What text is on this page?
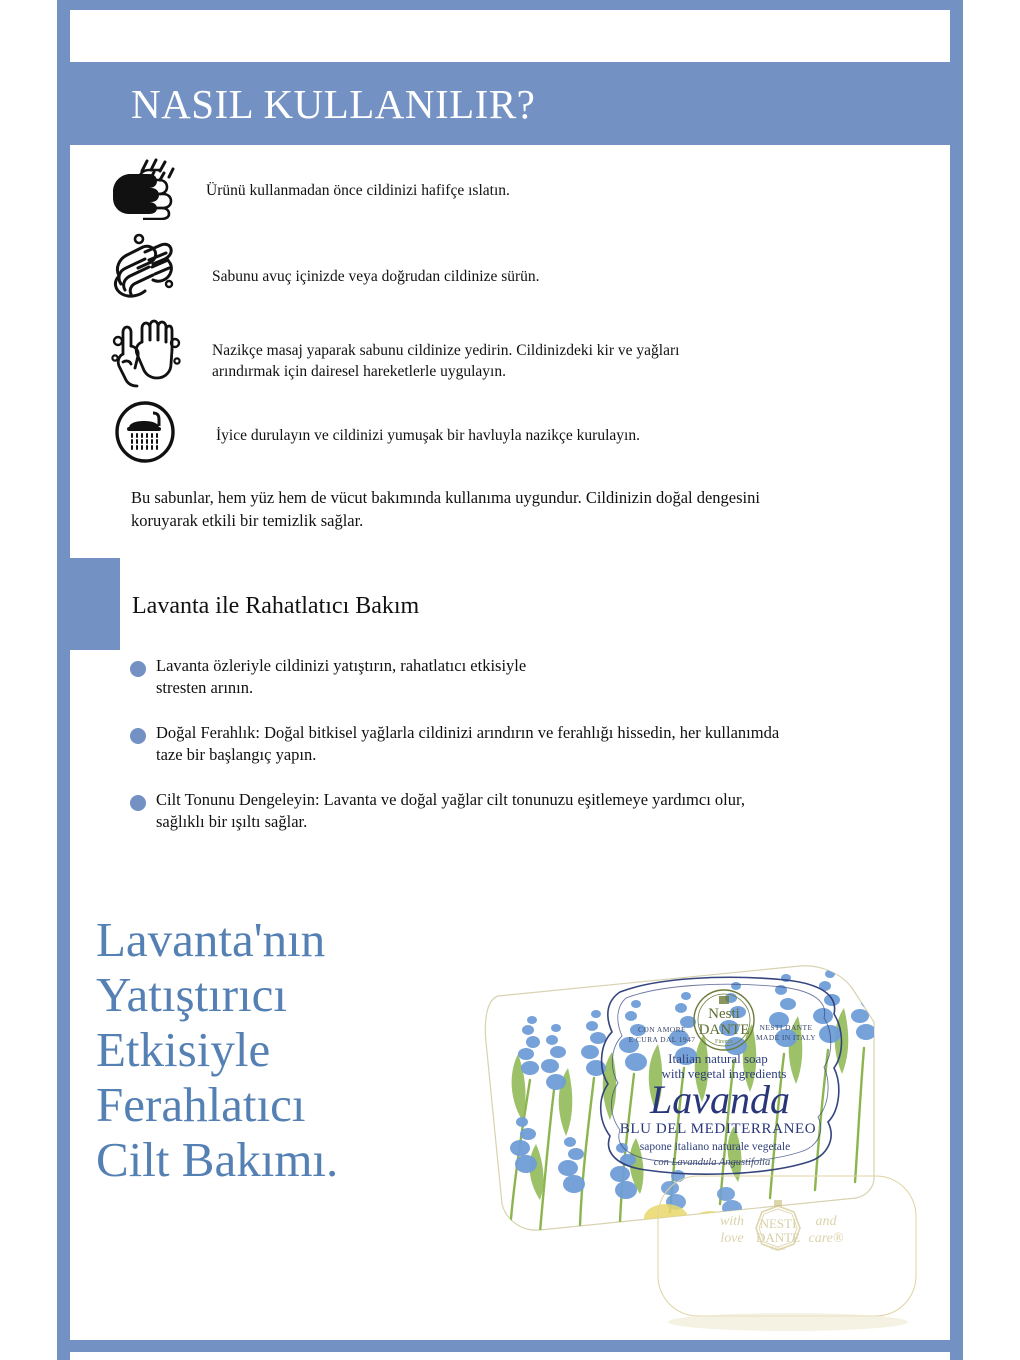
NASIL KULLANILIR?
Ürünü kullanmadan önce cildinizi hafifçe ıslatın.
Sabunu avuç içinizde veya doğrudan cildinize sürün.
Nazikçe masaj yaparak sabunu cildinize yedirin. Cildinizdeki kir ve yağları
arındırmak için dairesel hareketlerle uygulayın.
İyice durulayın ve cildinizi yumuşak bir havluyla nazikçe kurulayın.
Bu sabunlar, hem yüz hem de vücut bakımında kullanıma uygundur. Cildinizin doğal dengesini
koruyarak etkili bir temizlik sağlar.
Lavanta ile Rahatlatıcı Bakım
Lavanta özleriyle cildinizi yatıştırın, rahatlatıcı etkisiyle
stresten arının.
Doğal Ferahlık: Doğal bitkisel yağlarla cildinizi arındırın ve ferahlığı hissedin, her kullanımda
taze bir başlangıç yapın.
Cilt Tonunu Dengeleyin: Lavanta ve doğal yağlar cilt tonunuzu eşitlemeye yardımcı olur,
sağlıklı bir ışıltı sağlar.
Lavanta'nın
Yatıştırıcı
Etkisiyle
Ferahlatıcı
Cilt Bakımı.
Nesti
DANTE
Firenze
CON AMORE
E CURA DAL 1947
NESTI DANTE
MADE IN ITALY
Italian natural soap
with vegetal ingredients
Lavanda
BLU DEL MEDITERRANEO
sapone italiano naturale vegetale
con Lavandula Angustifolia
NESTI
DANTE
Firenze
with
love
and
care®
